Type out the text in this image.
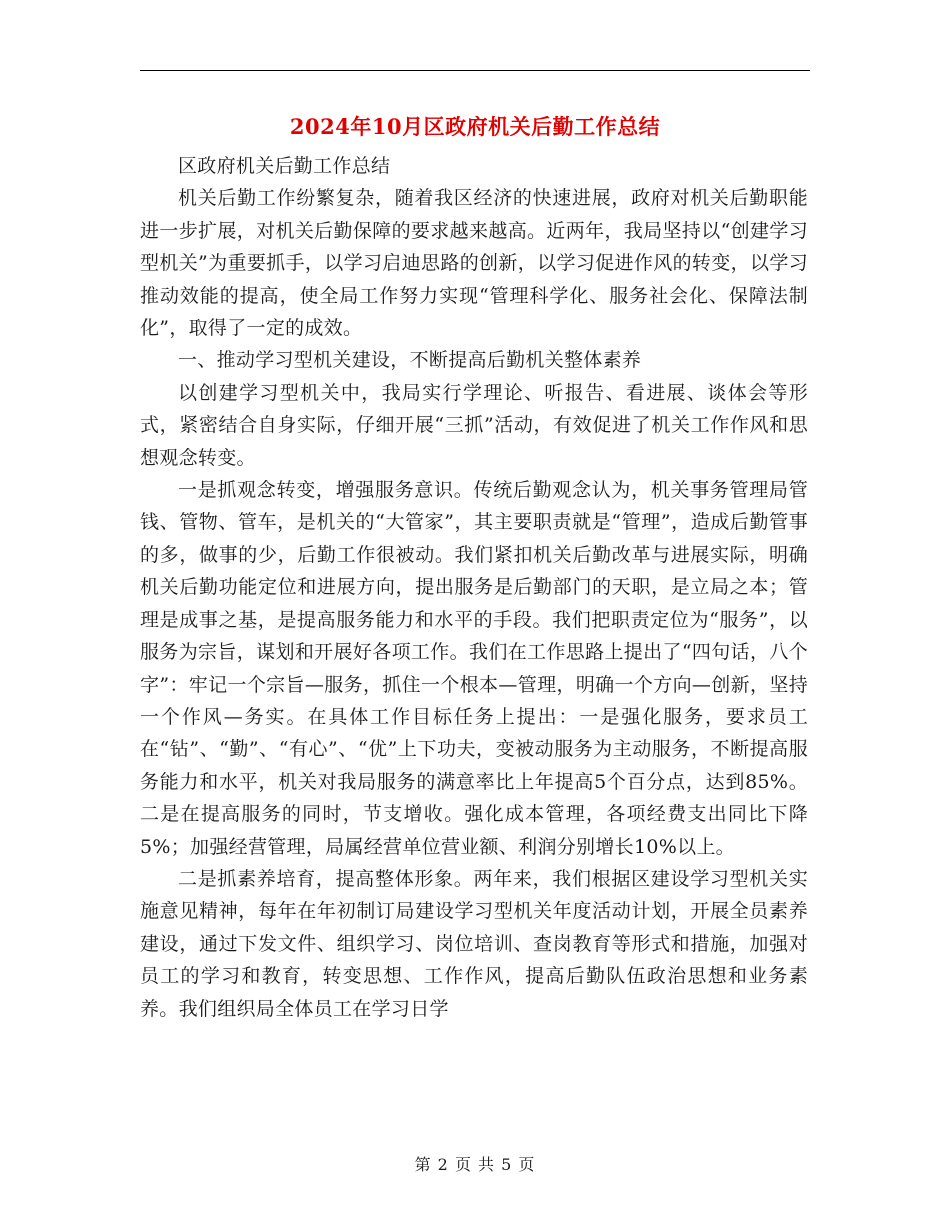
2024年10月区政府机关后勤工作总结

区政府机关后勤工作总结

机关后勤工作纷繁复杂，随着我区经济的快速进展，政府对机关后勤职能进一步扩展，对机关后勤保障的要求越来越高。近两年，我局坚持以“创建学习型机关”为重要抓手，以学习启迪思路的创新，以学习促进作风的转变，以学习推动效能的提高，使全局工作努力实现“管理科学化、服务社会化、保障法制化”，取得了一定的成效。

一、推动学习型机关建设，不断提高后勤机关整体素养

以创建学习型机关中，我局实行学理论、听报告、看进展、谈体会等形式，紧密结合自身实际，仔细开展“三抓”活动，有效促进了机关工作作风和思想观念转变。

一是抓观念转变，增强服务意识。传统后勤观念认为，机关事务管理局管钱、管物、管车，是机关的“大管家”，其主要职责就是“管理”，造成后勤管事的多，做事的少，后勤工作很被动。我们紧扣机关后勤改革与进展实际，明确机关后勤功能定位和进展方向，提出服务是后勤部门的天职，是立局之本；管理是成事之基，是提高服务能力和水平的手段。我们把职责定位为“服务”，以服务为宗旨，谋划和开展好各项工作。我们在工作思路上提出了“四句话，八个字”：牢记一个宗旨—服务，抓住一个根本—管理，明确一个方向—创新，坚持一个作风—务实。在具体工作目标任务上提出：一是强化服务，要求员工在“钻”、“勤”、“有心”、“优”上下功夫，变被动服务为主动服务，不断提高服务能力和水平，机关对我局服务的满意率比上年提高5个百分点，达到85%。二是在提高服务的同时，节支增收。强化成本管理，各项经费支出同比下降5%；加强经营管理，局属经营单位营业额、利润分别增长10%以上。

二是抓素养培育，提高整体形象。两年来，我们根据区建设学习型机关实施意见精神，每年在年初制订局建设学习型机关年度活动计划，开展全员素养建设，通过下发文件、组织学习、岗位培训、查岗教育等形式和措施，加强对员工的学习和教育，转变思想、工作作风，提高后勤队伍政治思想和业务素养。我们组织局全体员工在学习日学

第 2 页 共 5 页
